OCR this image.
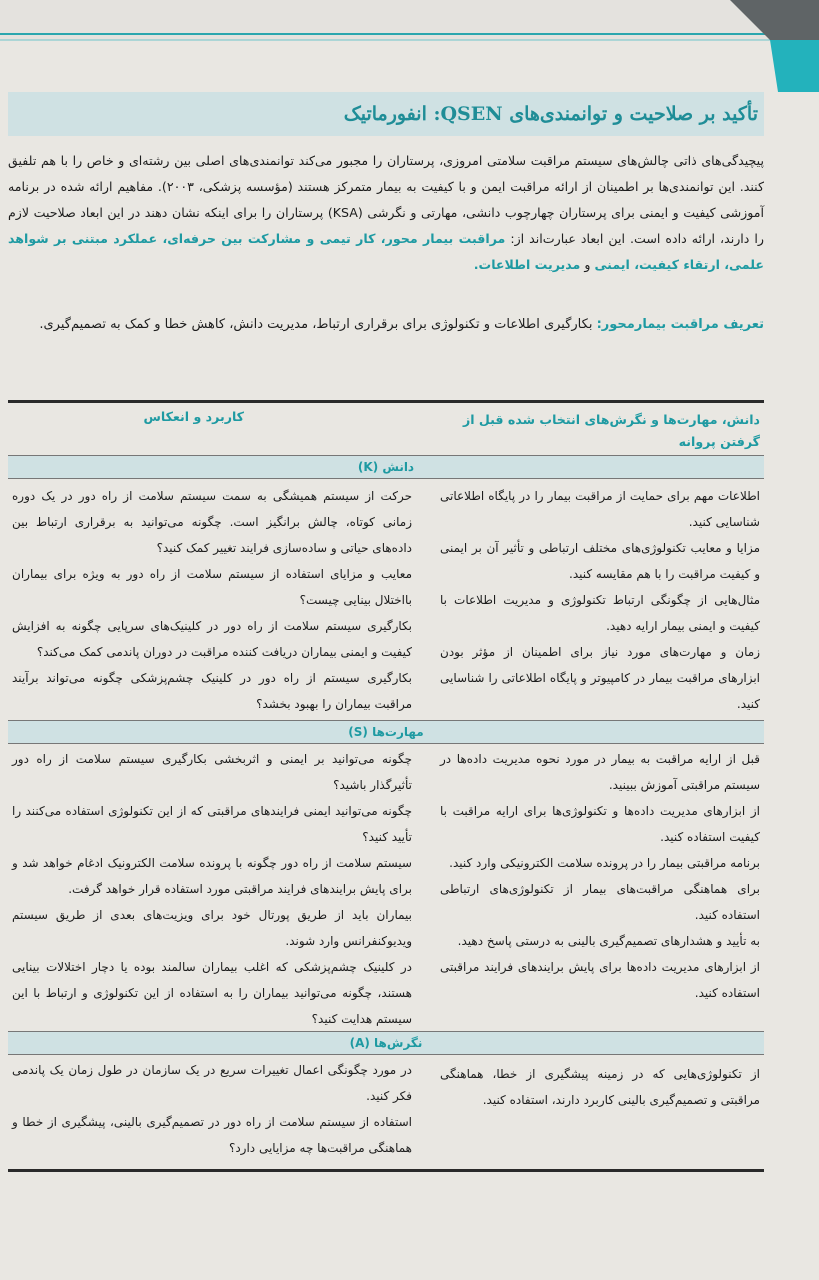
تأکید بر صلاحیت و توانمندی‌های QSEN: انفورماتیک
پیچیدگی‌های ذاتی چالش‌های سیستم مراقبت سلامتی امروزی، پرستاران را مجبور می‌کند توانمندی‌های اصلی بین رشته‌ای و خاص را با هم تلفیق کنند. این توانمندی‌ها بر اطمینان از ارائه مراقبت ایمن و با کیفیت به بیمار متمرکز هستند (مؤسسه پزشکی، ۲۰۰۳). مفاهیم ارائه شده در برنامه آموزشی کیفیت و ایمنی برای پرستاران چهارچوب دانشی، مهارتی و نگرشی (KSA) پرستاران را برای اینکه نشان دهند در این ابعاد صلاحیت لازم را دارند، ارائه داده است. این ابعاد عبارت‌اند از: مراقبت بیمار محور، کار تیمی و مشارکت بین حرفه‌ای، عملکرد مبتنی بر شواهد علمی، ارتقاء کیفیت، ایمنی و مدیریت اطلاعات.
تعریف مراقبت بیمارمحور: بکارگیری اطلاعات و تکنولوژی برای برقراری ارتباط، مدیریت دانش، کاهش خطا و کمک به تصمیم‌گیری.
دانش، مهارت‌ها و نگرش‌های انتخاب شده قبل از گرفتن پروانه
کاربرد و انعکاس
دانش (K)

اطلاعات مهم برای حمایت از مراقبت بیمار را در پایگاه اطلاعاتی شناسایی کنید.

مزایا و معایب تکنولوژی‌های مختلف ارتباطی و تأثیر آن بر ایمنی و کیفیت مراقبت را با هم مقایسه کنید.

مثال‌هایی از چگونگی ارتباط تکنولوژی و مدیریت اطلاعات با کیفیت و ایمنی بیمار ارایه دهید.

زمان و مهارت‌های مورد نیاز برای اطمینان از مؤثر بودن ابزارهای مراقبت بیمار در کامپیوتر و پایگاه اطلاعاتی را شناسایی کنید.

حرکت از سیستم همیشگی به سمت سیستم سلامت از راه دور در یک دوره زمانی کوتاه، چالش برانگیز است. چگونه می‌توانید به برقراری ارتباط بین داده‌های حیاتی و ساده‌سازی فرایند تغییر کمک کنید؟

معایب و مزایای استفاده از سیستم سلامت از راه دور به ویژه برای بیماران بااختلال بینایی چیست؟

بکارگیری سیستم سلامت از راه دور در کلینیک‌های سرپایی چگونه به افزایش کیفیت و ایمنی بیماران دریافت کننده مراقبت در دوران پاندمی کمک می‌کند؟

بکارگیری سیستم از راه دور در کلینیک چشم‌پزشکی چگونه می‌تواند برآیند مراقبت بیماران را بهبود بخشد؟

مهارت‌ها (S)

قبل از ارایه مراقبت به بیمار در مورد نحوه مدیریت داده‌ها در سیستم مراقبتی آموزش ببینید.

از ابزارهای مدیریت داده‌ها و تکنولوژی‌ها برای ارایه مراقبت با کیفیت استفاده کنید.

برنامه مراقبتی بیمار را در پرونده سلامت الکترونیکی وارد کنید.

برای هماهنگی مراقبت‌های بیمار از تکنولوژی‌های ارتباطی استفاده کنید.

به تأیید و هشدارهای تصمیم‌گیری بالینی به درستی پاسخ دهید.

از ابزارهای مدیریت داده‌ها برای پایش برایندهای فرایند مراقبتی استفاده کنید.

چگونه می‌توانید بر ایمنی و اثربخشی بکارگیری سیستم سلامت از راه دور تأثیرگذار باشید؟

چگونه می‌توانید ایمنی فرایندهای مراقبتی که از این تکنولوژی استفاده می‌کنند را تأیید کنید؟

سیستم سلامت از راه دور چگونه با پرونده سلامت الکترونیک ادغام خواهد شد و برای پایش برایندهای فرایند مراقبتی مورد استفاده قرار خواهد گرفت.

بیماران باید از طریق پورتال خود برای ویزیت‌های بعدی از طریق سیستم ویدیوکنفرانس وارد شوند.

در کلینیک چشم‌پزشکی که اغلب بیماران سالمند بوده یا دچار اختلالات بینایی هستند، چگونه می‌توانید بیماران را به استفاده از این تکنولوژی و ارتباط با این سیستم هدایت کنید؟

نگرش‌ها (A)

از تکنولوژی‌هایی که در زمینه پیشگیری از خطا، هماهنگی مراقبتی و تصمیم‌گیری بالینی کاربرد دارند، استفاده کنید.

در مورد چگونگی اعمال تغییرات سریع در یک سازمان در طول زمان یک پاندمی فکر کنید.

استفاده از سیستم سلامت از راه دور در تصمیم‌گیری بالینی، پیشگیری از خطا و هماهنگی مراقبت‌ها چه مزایایی دارد؟
